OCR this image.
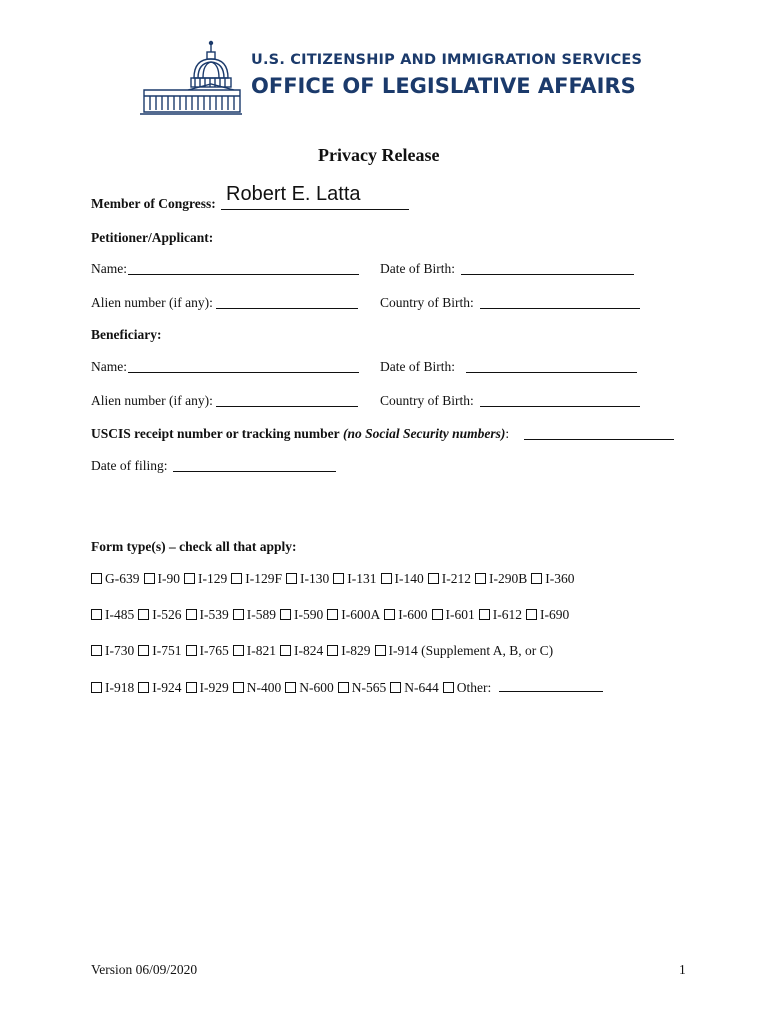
U.S. CITIZENSHIP AND IMMIGRATION SERVICES
OFFICE OF LEGISLATIVE AFFAIRS
Privacy Release
Member of Congress: Robert E. Latta
Petitioner/Applicant:
Name:	Date of Birth:
Alien number (if any):	Country of Birth:
Beneficiary:
Name:	Date of Birth:
Alien number (if any):	Country of Birth:
USCIS receipt number or tracking number (no Social Security numbers):
Date of filing:
Form type(s) – check all that apply:
G-639 I-90 I-129 I-129F I-130 I-131 I-140 I-212 I-290B I-360
I-485 I-526 I-539 I-589 I-590 I-600A I-600 I-601 I-612 I-690
I-730 I-751 I-765 I-821 I-824 I-829 I-914 (Supplement A, B, or C)
I-918 I-924 I-929 N-400 N-600 N-565 N-644 Other:
Version 06/09/2020	1
